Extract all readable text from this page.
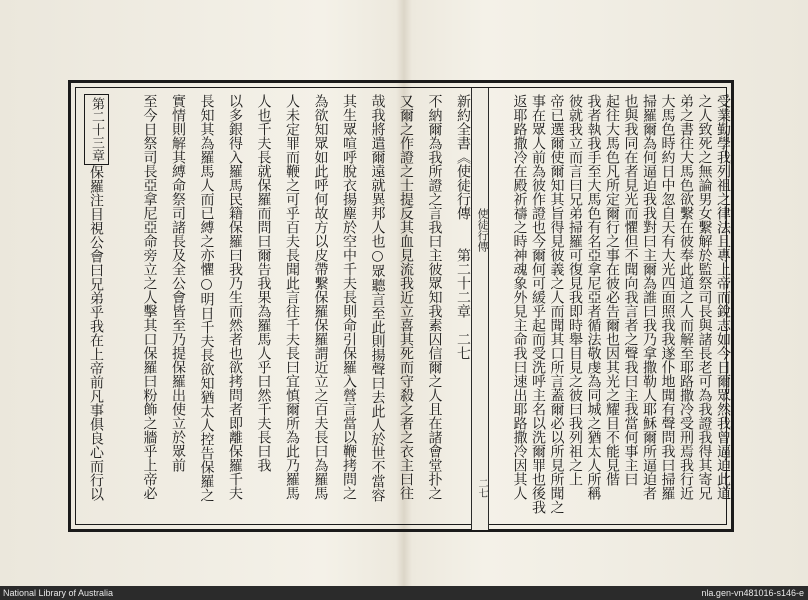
受業勤學我列祖之律法且專上帝而銳志如今日爾眾然我曾逼迫此道
之人致死之無論男女繫解於監祭司長與諸長老可為我證我得其寄兄
弟之書往大馬色欲繫在彼奉此道之人而解至耶路撒冷受刑焉我行近
大馬色時約日中忽自天有大光四面照我我遂仆地聞有聲問我曰掃羅
掃羅爾為何逼迫我我對曰主爾為誰曰我乃拿撒勒人耶穌爾所逼迫者
也與我同在者見光而懼但不聞向我言者之聲我曰主我當何事主曰
起往大馬色凡所定爾行之事在彼必告爾也因其光之耀目不能見偕
我者執我手至大馬色有名亞拿尼亞者循法敬虔為同城之猶太人所稱
彼就我立而言曰兄弟掃羅可復見我即時舉目見之彼曰我列祖之上
帝已選爾使爾知其旨得見彼義之人而聞其口所言蓋爾必以所見所聞之
事在眾人前為彼作證也今爾何可緩乎起而受洗呼主名以洗爾罪也後我
返耶路撒冷在殿祈禱之時神魂象外見主命我曰速出耶路撒冷因其人
使徒行傳
二七
新約全書《使徒行傳　　第二十二章　二七
不納爾為我所證之言我曰主彼眾知我素囚信爾之人且在諸會堂扑之
又爾之作證之士提反其血見流我近立喜其死而守殺之者之衣主曰往
哉我將遣爾遠就異邦人也○眾聽言至此則揚聲曰去此人於世不當容
其生眾喧呼脫衣揚塵於空中千夫長則命引保羅入營言當以鞭拷問之
為欲知眾如此呼何故方以皮帶繫保羅保羅謂近立之百夫長曰為羅馬
人未定罪而鞭之可乎百夫長聞此言往千夫長曰宜慎爾所為此乃羅馬
人也千夫長就保羅而問曰爾告我果為羅馬人乎曰然千夫長曰我
以多銀得入羅馬民籍保羅曰我乃生而然者也欲拷問者即離保羅千夫
長知其為羅馬人而已縛之亦懼○明日千夫長欲知猶太人控告保羅之
實情則解其縛命祭司諸長及全公會皆至乃提保羅出使立於眾前
至今日祭司長亞拿尼亞命旁立之人擊其口保羅曰粉飾之牆乎上帝必
第二十三章保羅注目視公會曰兄弟乎我在上帝前凡事俱良心而行以
National Library of Australia	nla.gen-vn481016-s146-e
